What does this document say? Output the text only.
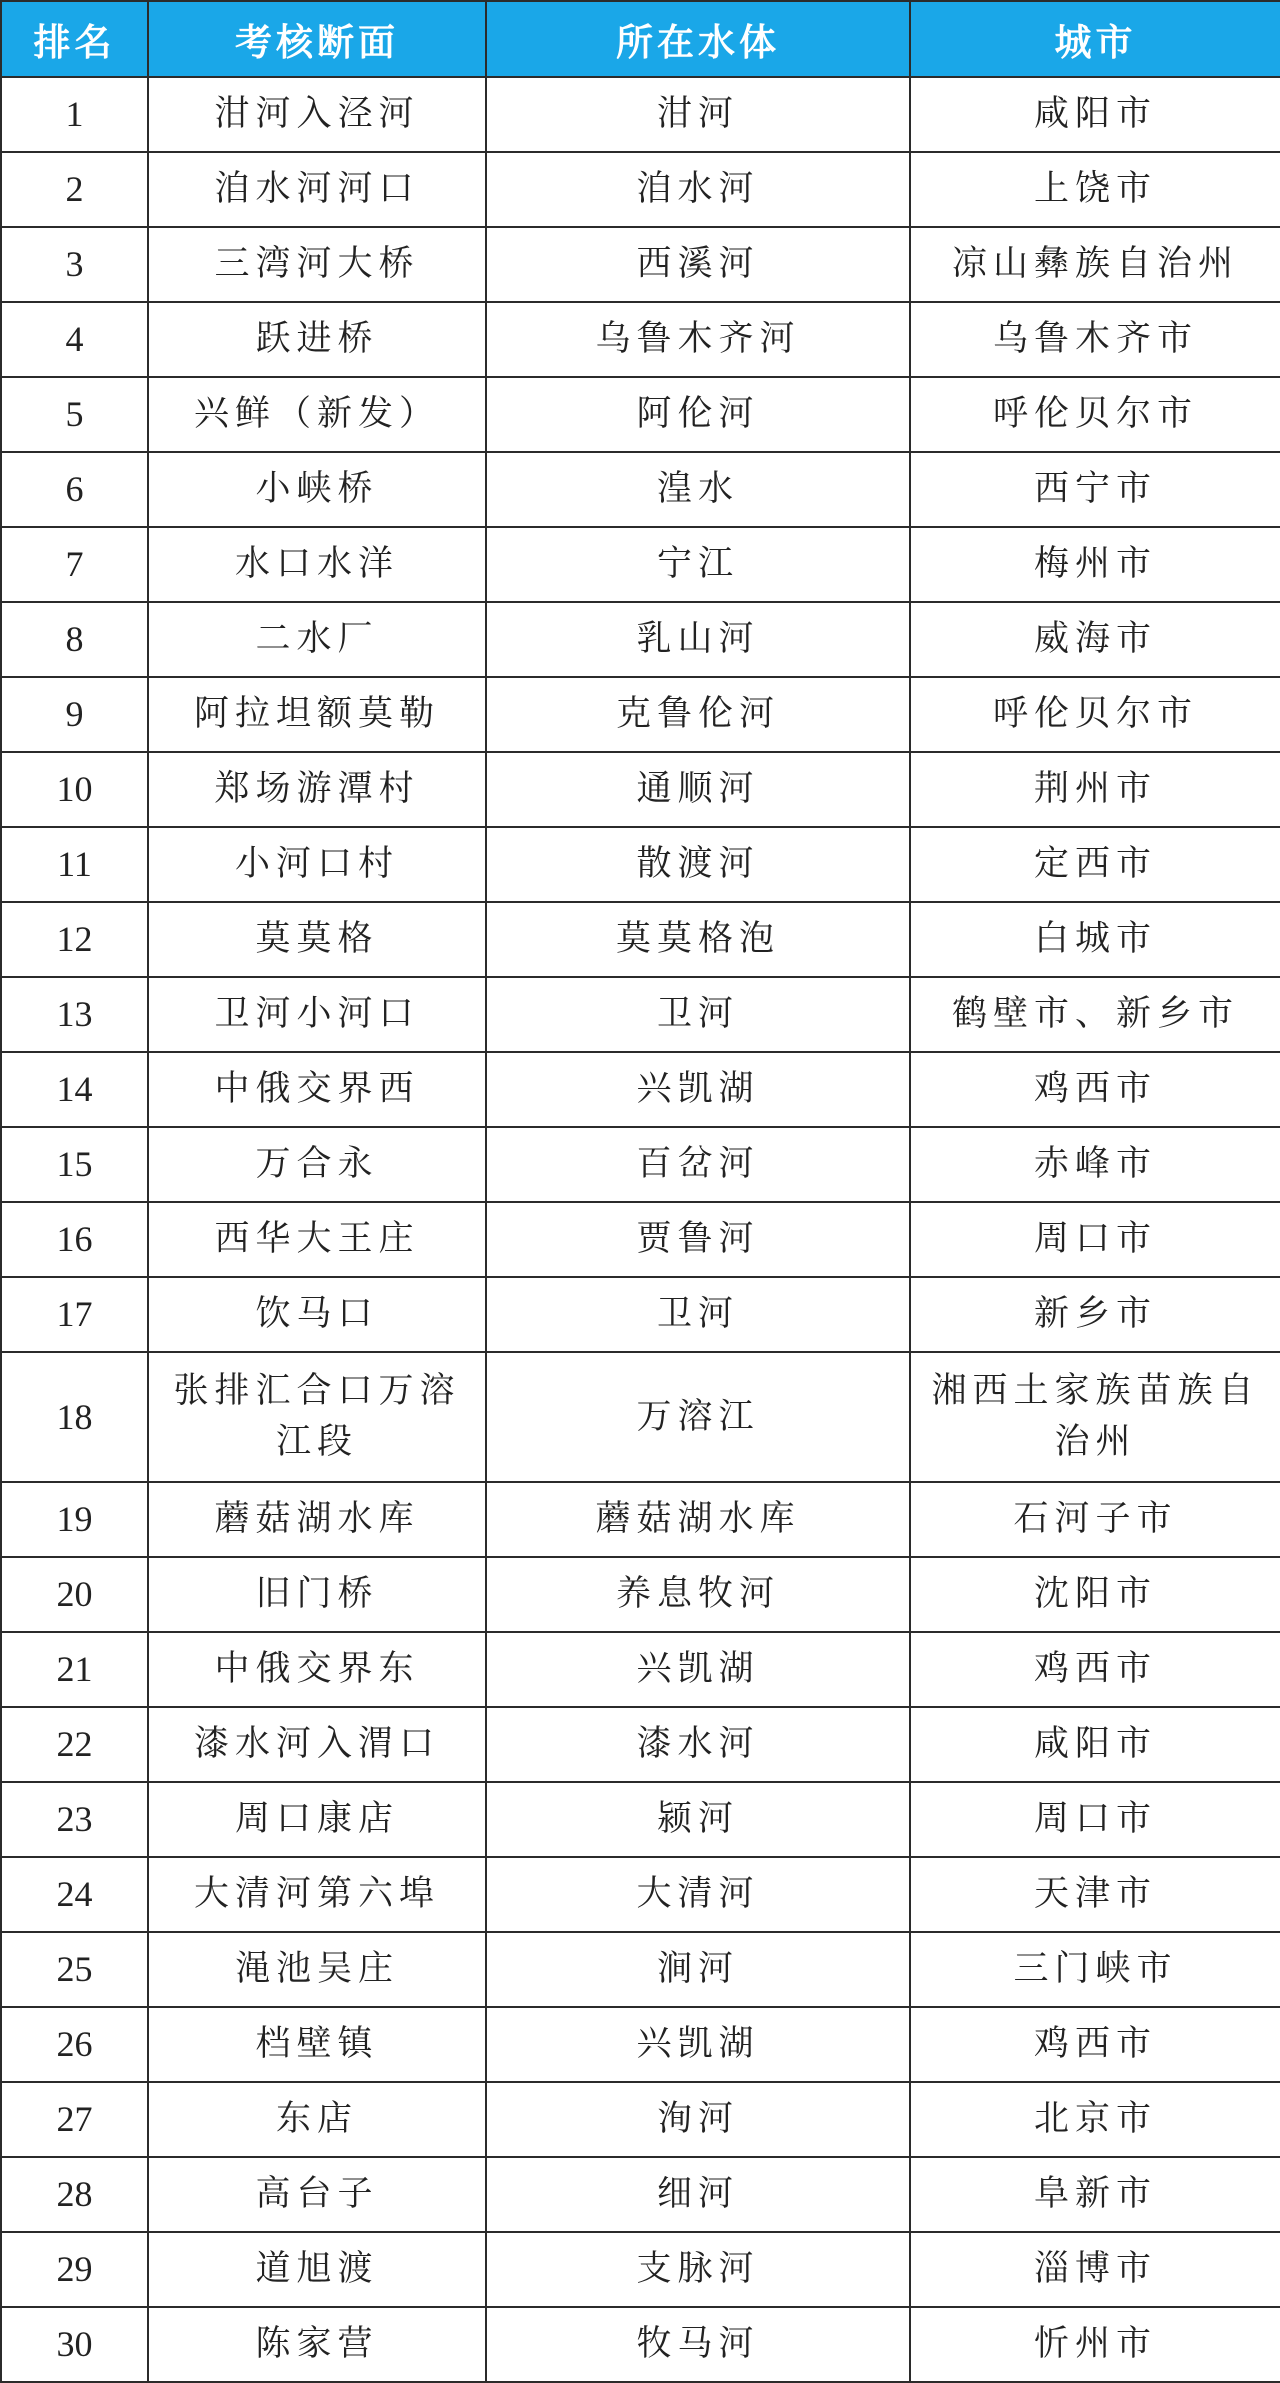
排名	考核断面	所在水体	城市
1	泔河入泾河	泔河	咸阳市
2	洎水河河口	洎水河	上饶市
3	三湾河大桥	西溪河	凉山彝族自治州
4	跃进桥	乌鲁木齐河	乌鲁木齐市
5	兴鲜（新发）	阿伦河	呼伦贝尔市
6	小峡桥	湟水	西宁市
7	水口水洋	宁江	梅州市
8	二水厂	乳山河	威海市
9	阿拉坦额莫勒	克鲁伦河	呼伦贝尔市
10	郑场游潭村	通顺河	荆州市
11	小河口村	散渡河	定西市
12	莫莫格	莫莫格泡	白城市
13	卫河小河口	卫河	鹤壁市、新乡市
14	中俄交界西	兴凯湖	鸡西市
15	万合永	百岔河	赤峰市
16	西华大王庄	贾鲁河	周口市
17	饮马口	卫河	新乡市
18	张排汇合口万溶江段	万溶江	湘西土家族苗族自治州
19	蘑菇湖水库	蘑菇湖水库	石河子市
20	旧门桥	养息牧河	沈阳市
21	中俄交界东	兴凯湖	鸡西市
22	漆水河入渭口	漆水河	咸阳市
23	周口康店	颍河	周口市
24	大清河第六埠	大清河	天津市
25	渑池吴庄	涧河	三门峡市
26	档壁镇	兴凯湖	鸡西市
27	东店	洵河	北京市
28	高台子	细河	阜新市
29	道旭渡	支脉河	淄博市
30	陈家营	牧马河	忻州市
